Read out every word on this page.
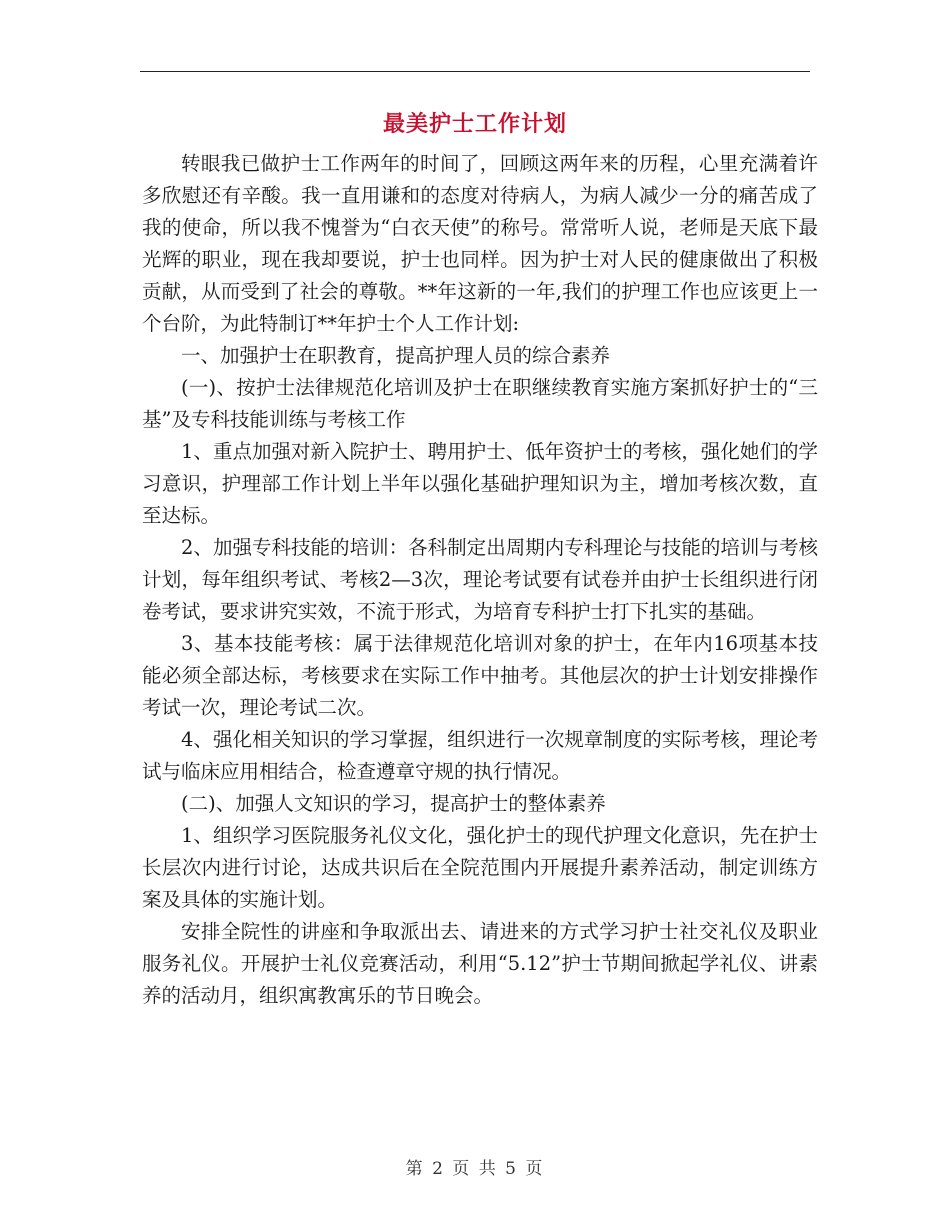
最美护士工作计划

转眼我已做护士工作两年的时间了，回顾这两年来的历程，心里充满着许多欣慰还有辛酸。我一直用谦和的态度对待病人，为病人减少一分的痛苦成了我的使命，所以我不愧誉为“白衣天使”的称号。常常听人说，老师是天底下最光辉的职业，现在我却要说，护士也同样。因为护士对人民的健康做出了积极贡献，从而受到了社会的尊敬。**年这新的一年,我们的护理工作也应该更上一个台阶，为此特制订**年护士个人工作计划:

一、加强护士在职教育，提高护理人员的综合素养

(一)、按护士法律规范化培训及护士在职继续教育实施方案抓好护士的“三基”及专科技能训练与考核工作

1、重点加强对新入院护士、聘用护士、低年资护士的考核，强化她们的学习意识，护理部工作计划上半年以强化基础护理知识为主，增加考核次数，直至达标。

2、加强专科技能的培训：各科制定出周期内专科理论与技能的培训与考核计划，每年组织考试、考核2—3次，理论考试要有试卷并由护士长组织进行闭卷考试，要求讲究实效，不流于形式，为培育专科护士打下扎实的基础。

3、基本技能考核：属于法律规范化培训对象的护士，在年内16项基本技能必须全部达标，考核要求在实际工作中抽考。其他层次的护士计划安排操作考试一次，理论考试二次。

4、强化相关知识的学习掌握，组织进行一次规章制度的实际考核，理论考试与临床应用相结合，检查遵章守规的执行情况。

(二)、加强人文知识的学习，提高护士的整体素养

1、组织学习医院服务礼仪文化，强化护士的现代护理文化意识，先在护士长层次内进行讨论，达成共识后在全院范围内开展提升素养活动，制定训练方案及具体的实施计划。

安排全院性的讲座和争取派出去、请进来的方式学习护士社交礼仪及职业服务礼仪。开展护士礼仪竞赛活动，利用“5.12”护士节期间掀起学礼仪、讲素养的活动月，组织寓教寓乐的节日晚会。

第 2 页 共 5 页
